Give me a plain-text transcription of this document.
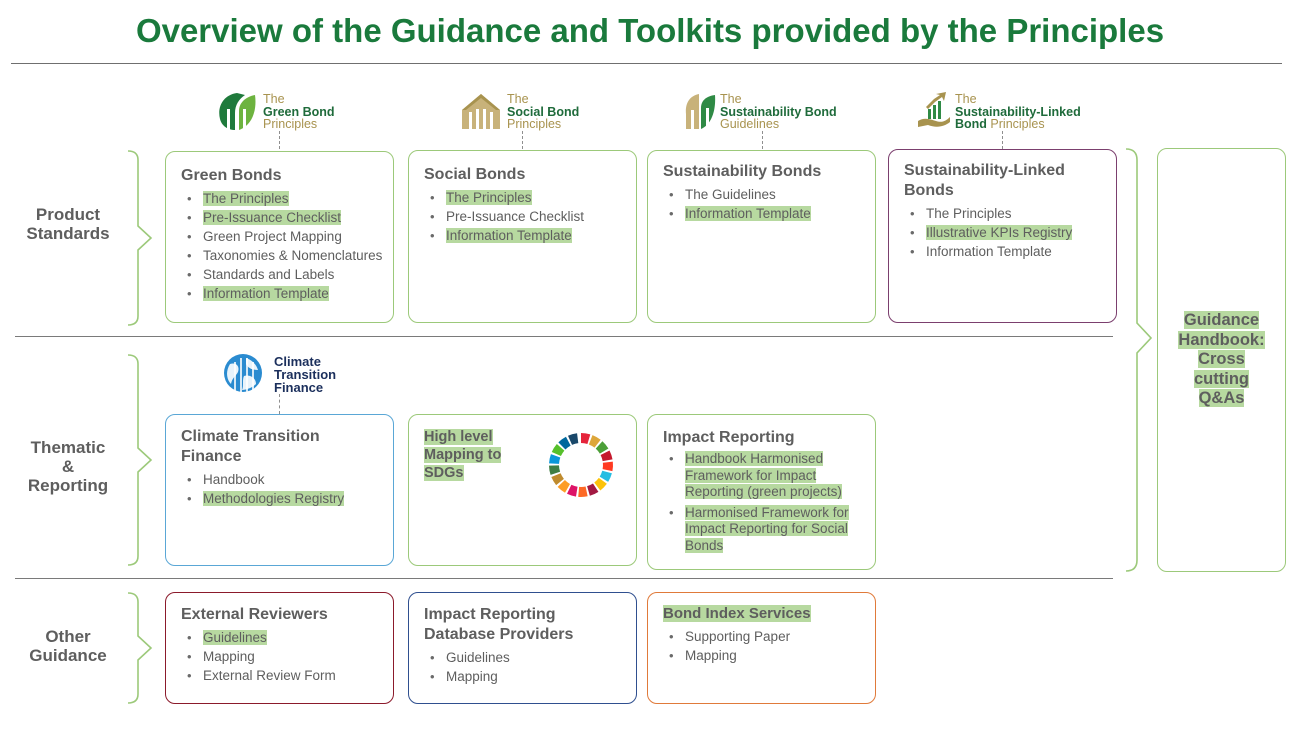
Overview of the Guidance and Toolkits provided by the Principles
Product
Standards
Thematic
&
Reporting
Other
Guidance
The
Green Bond
Principles
The
Social Bond
Principles
The
Sustainability Bond
Guidelines
The
Sustainability-Linked
Bond Principles
Climate
Transition
Finance
Green Bonds
• The Principles
• Pre-Issuance Checklist
• Green Project Mapping
• Taxonomies & Nomenclatures
• Standards and Labels
• Information Template
Social Bonds
• The Principles
• Pre-Issuance Checklist
• Information Template
Sustainability Bonds
• The Guidelines
• Information Template
Sustainability-Linked Bonds
• The Principles
• Illustrative KPIs Registry
• Information Template
Climate Transition Finance
• Handbook
• Methodologies Registry
High level Mapping to SDGs
Impact Reporting
• Handbook Harmonised Framework for Impact Reporting (green projects)
• Harmonised Framework for Impact Reporting for Social Bonds
External Reviewers
• Guidelines
• Mapping
• External Review Form
Impact Reporting Database Providers
• Guidelines
• Mapping
Bond Index Services
• Supporting Paper
• Mapping
Guidance
Handbook:
Cross
cutting
Q&As
